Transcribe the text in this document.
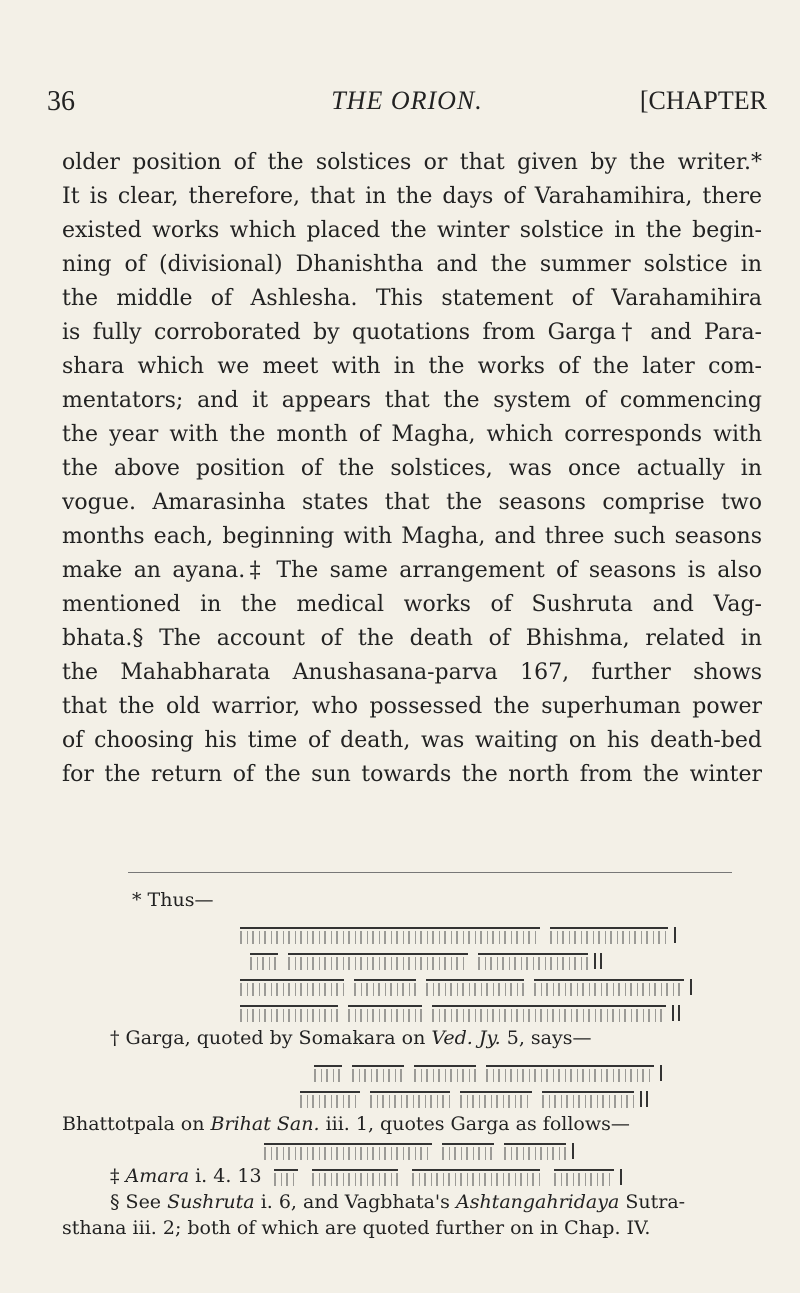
36	THE ORION.	[CHAPTER
older position of the solstices or that given by the writer.*
It is clear, therefore, that in the days of Varahamihira, there
existed works which placed the winter solstice in the begin-
ning of (divisional) Dhanishtha and the summer solstice in
the middle of Ashlesha. This statement of Varahamihira
is fully corroborated by quotations from Garga† and Para-
shara which we meet with in the works of the later com-
mentators; and it appears that the system of commencing
the year with the month of Magha, which corresponds with
the above position of the solstices, was once actually in
vogue. Amarasinha states that the seasons comprise two
months each, beginning with Magha, and three such seasons
make an ayana.‡ The same arrangement of seasons is also
mentioned in the medical works of Sushruta and Vag-
bhata.§ The account of the death of Bhishma, related in
the Mahabharata Anushasana-parva 167, further shows
that the old warrior, who possessed the superhuman power
of choosing his time of death, was waiting on his death-bed
for the return of the sun towards the north from the winter
* Thus—
† Garga, quoted by Somakara on Ved. Jy. 5, says—
Bhattotpala on Brihat San. iii. 1, quotes Garga as follows—
‡ Amara i. 4. 13
§ See Sushruta i. 6, and Vagbhata's Ashtangahridaya Sutra-
sthana iii. 2; both of which are quoted further on in Chap. IV.
